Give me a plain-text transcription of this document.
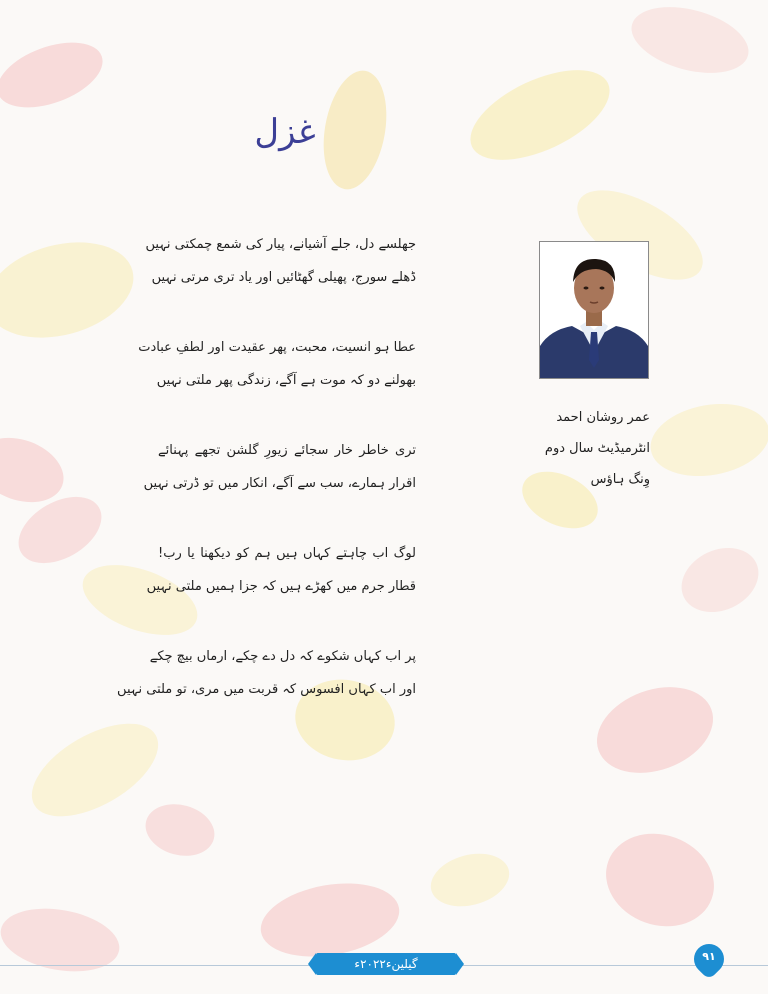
غزل
جھلسے دل، جلے آشیانے، پیار کی شمع چمکتی نہیں
ڈھلے سورج، پھیلی گھٹائیں اور یاد تری مرتی نہیں
عطا ہو انسیت، محبت، پھر عقیدت اور لطفِ عبادت
بھولنے دو کہ موت ہے آگے، زندگی پھر ملتی نہیں
تری خاطر خار سجائے زیورِ گلشن تجھے پہنائے
اقرار ہمارے، سب سے آگے، انکار میں تو ڈرتی نہیں
لوگ اب چاہتے کہاں ہیں ہم کو دیکھنا یا رب!
قطار جرم میں کھڑے ہیں کہ جزا ہمیں ملتی نہیں
پر اب کہاں شکوے کہ دل دے چکے، ارماں بیچ چکے
اور اب کہاں افسوس کہ قربت میں مری، تو ملتی نہیں
عمر روشان احمد
انٹرمیڈیٹ سال دوم
وِنگ ہاؤس
گیلینء۲۰۲۲ء
۹۱
